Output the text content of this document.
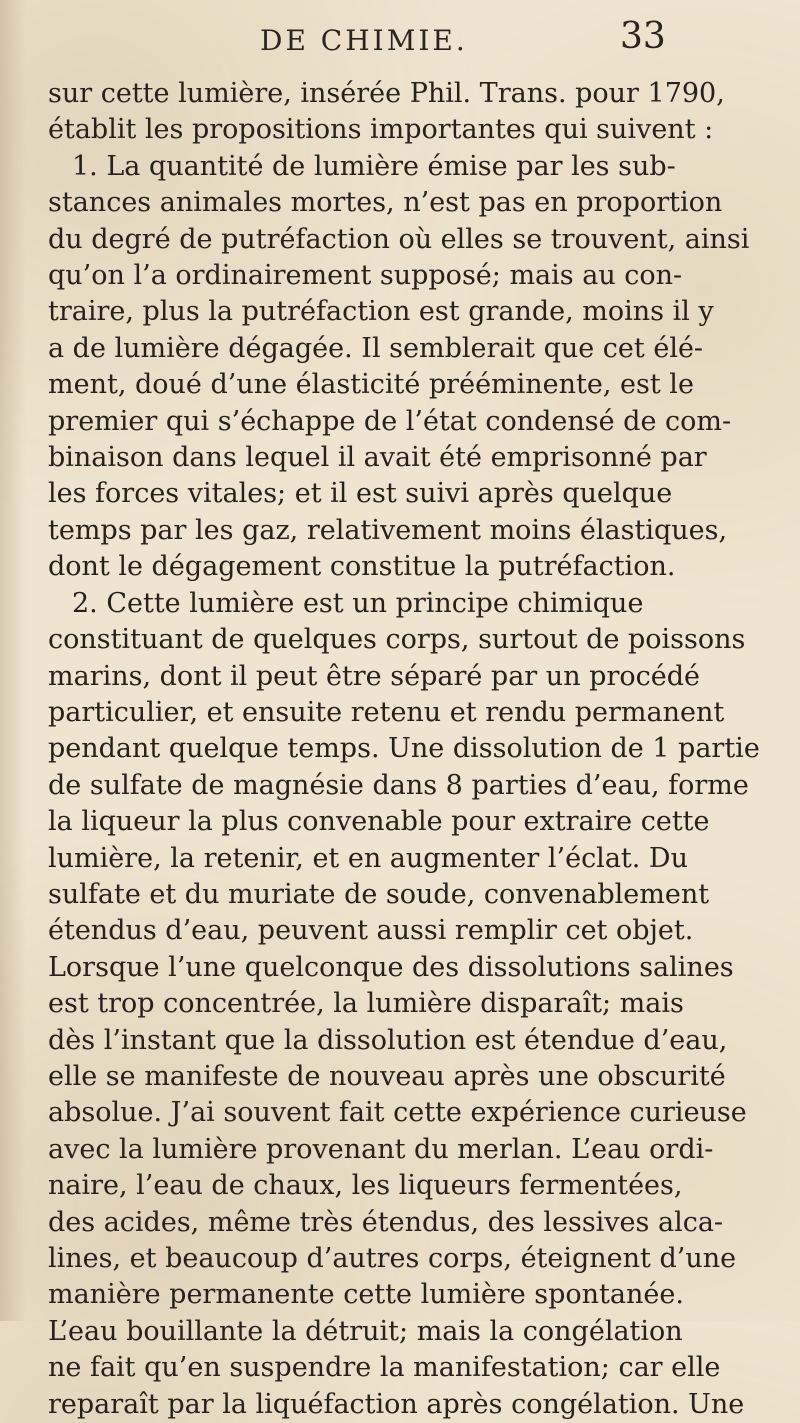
DE CHIMIE.	33
sur cette lumière, insérée Phil. Trans. pour 1790,
établit les propositions importantes qui suivent :
1. La quantité de lumière émise par les sub-
stances animales mortes, n’est pas en proportion
du degré de putréfaction où elles se trouvent, ainsi
qu’on l’a ordinairement supposé; mais au con-
traire, plus la putréfaction est grande, moins il y
a de lumière dégagée. Il semblerait que cet élé-
ment, doué d’une élasticité prééminente, est le
premier qui s’échappe de l’état condensé de com-
binaison dans lequel il avait été emprisonné par
les forces vitales; et il est suivi après quelque
temps par les gaz, relativement moins élastiques,
dont le dégagement constitue la putréfaction.
2. Cette lumière est un principe chimique
constituant de quelques corps, surtout de poissons
marins, dont il peut être séparé par un procédé
particulier, et ensuite retenu et rendu permanent
pendant quelque temps. Une dissolution de 1 partie
de sulfate de magnésie dans 8 parties d’eau, forme
la liqueur la plus convenable pour extraire cette
lumière, la retenir, et en augmenter l’éclat. Du
sulfate et du muriate de soude, convenablement
étendus d’eau, peuvent aussi remplir cet objet.
Lorsque l’une quelconque des dissolutions salines
est trop concentrée, la lumière disparaît; mais
dès l’instant que la dissolution est étendue d’eau,
elle se manifeste de nouveau après une obscurité
absolue. J’ai souvent fait cette expérience curieuse
avec la lumière provenant du merlan. L’eau ordi-
naire, l’eau de chaux, les liqueurs fermentées,
des acides, même très étendus, des lessives alca-
lines, et beaucoup d’autres corps, éteignent d’une
manière permanente cette lumière spontanée.
L’eau bouillante la détruit; mais la congélation
ne fait qu’en suspendre la manifestation; car elle
reparaît par la liquéfaction après congélation. Une
